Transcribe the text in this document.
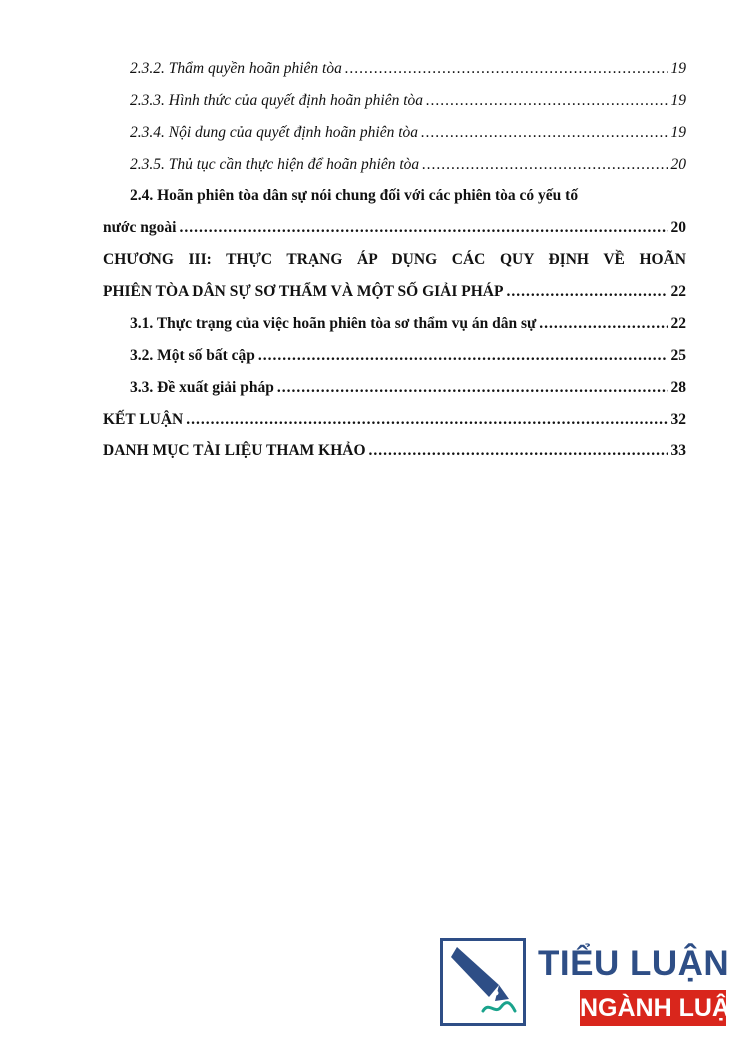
2.3.2. Thẩm quyền hoãn phiên tòa .....	19
2.3.3. Hình thức của quyết định hoãn phiên tòa .....	19
2.3.4. Nội dung của quyết định hoãn phiên tòa .....	19
2.3.5. Thủ tục cần thực hiện để hoãn phiên tòa .....	20
2.4. Hoãn phiên tòa dân sự nói chung đối với các phiên tòa có yếu tố
nước ngoài .....	20
CHƯƠNG III: THỰC TRẠNG ÁP DỤNG CÁC QUY ĐỊNH VỀ HOÃN
PHIÊN TÒA DÂN SỰ SƠ THẨM VÀ MỘT SỐ GIẢI PHÁP .....	22
3.1. Thực trạng của việc hoãn phiên tòa sơ thẩm vụ án dân sự .....	22
3.2. Một số bất cập .....	25
3.3. Đề xuất giải pháp .....	28
KẾT LUẬN .....	32
DANH MỤC TÀI LIỆU THAM KHẢO .....	33
TIỂU LUẬN
NGÀNH LUẬT
